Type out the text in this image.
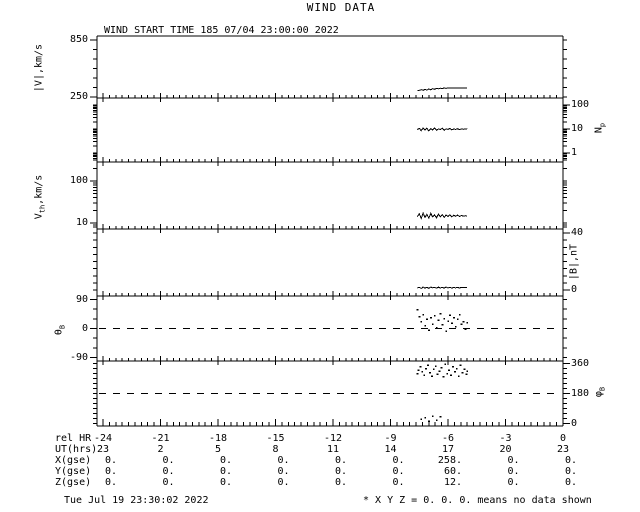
WIND DATA
WIND START TIME 185 07/04 23:00:00 2022
|V|,km/s
$N_p$
$V_{th},km/s$
|B|,nT
$\theta_B$
$\varphi_B$
850
250
100
10
1
100
10
40
0
90
0
-90
360
180
0
rel HR
UT(hrs)
X(gse)
Y(gse)
Z(gse)
-24	-21	-18	-15	-12	-9	-6	-3	0
23	2	5	8	11	14	17	20	23
0.	0.	0.	0.	0.	0.	258.	0.	0.
0.	0.	0.	0.	0.	0.	60.	0.	0.
0.	0.	0.	0.	0.	0.	12.	0.	0.
Tue Jul 19 23:30:02 2022	* X Y Z = 0. 0. 0. means no data shown
